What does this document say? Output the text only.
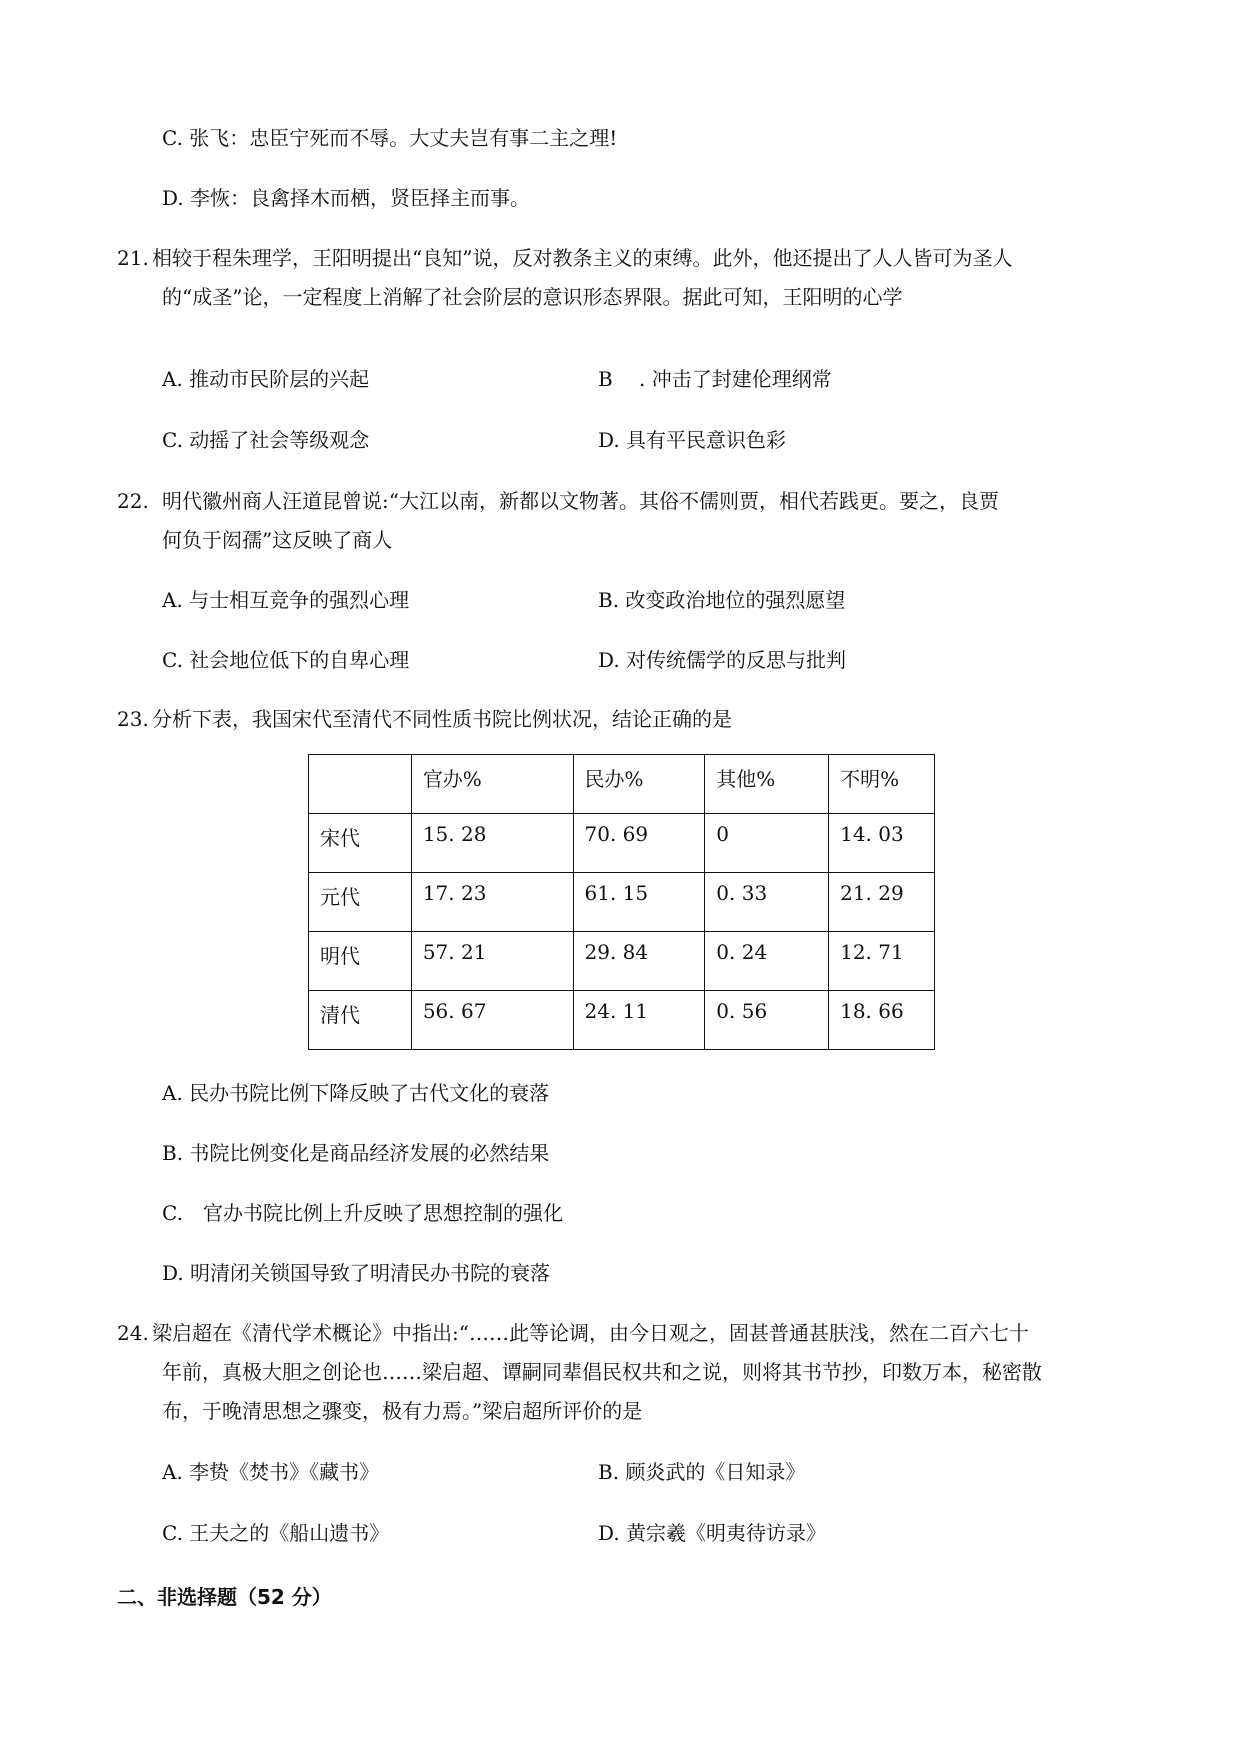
C. 张飞：忠臣宁死而不辱。大丈夫岂有事二主之理!
D. 李恢：良禽择木而栖，贤臣择主而事。
21. 相较于程朱理学，王阳明提出“良知”说，反对教条主义的束缚。此外，他还提出了人人皆可为圣人
的“成圣”论，一定程度上消解了社会阶层的意识形态界限。据此可知，王阳明的心学
A. 推动市民阶层的兴起	B　 . 冲击了封建伦理纲常
C. 动摇了社会等级观念	D. 具有平民意识色彩
22. 明代徽州商人汪道昆曾说:“大江以南，新都以文物著。其俗不儒则贾，相代若践更。要之，良贾
何负于闳孺”这反映了商人
A. 与士相互竞争的强烈心理	B. 改变政治地位的强烈愿望
C. 社会地位低下的自卑心理	D. 对传统儒学的反思与批判
23. 分析下表，我国宋代至清代不同性质书院比例状况，结论正确的是
	官办%	民办%	其他%	不明%
宋代	15. 28	70. 69	0	14. 03
元代	17. 23	61. 15	0. 33	21. 29
明代	57. 21	29. 84	0. 24	12. 71
清代	56. 67	24. 11	0. 56	18. 66
A. 民办书院比例下降反映了古代文化的衰落
B. 书院比例变化是商品经济发展的必然结果
C.　官办书院比例上升反映了思想控制的强化
D. 明清闭关锁国导致了明清民办书院的衰落
24. 梁启超在《清代学术概论》中指出:“……此等论调，由今日观之，固甚普通甚肤浅，然在二百六七十
年前，真极大胆之创论也……梁启超、谭嗣同辈倡民权共和之说，则将其书节抄，印数万本，秘密散
布，于晚清思想之骤变，极有力焉。”梁启超所评价的是
A. 李贽《焚书》《藏书》	B. 顾炎武的《日知录》
C. 王夫之的《船山遗书》	D. 黄宗羲《明夷待访录》
二、非选择题（52 分）
